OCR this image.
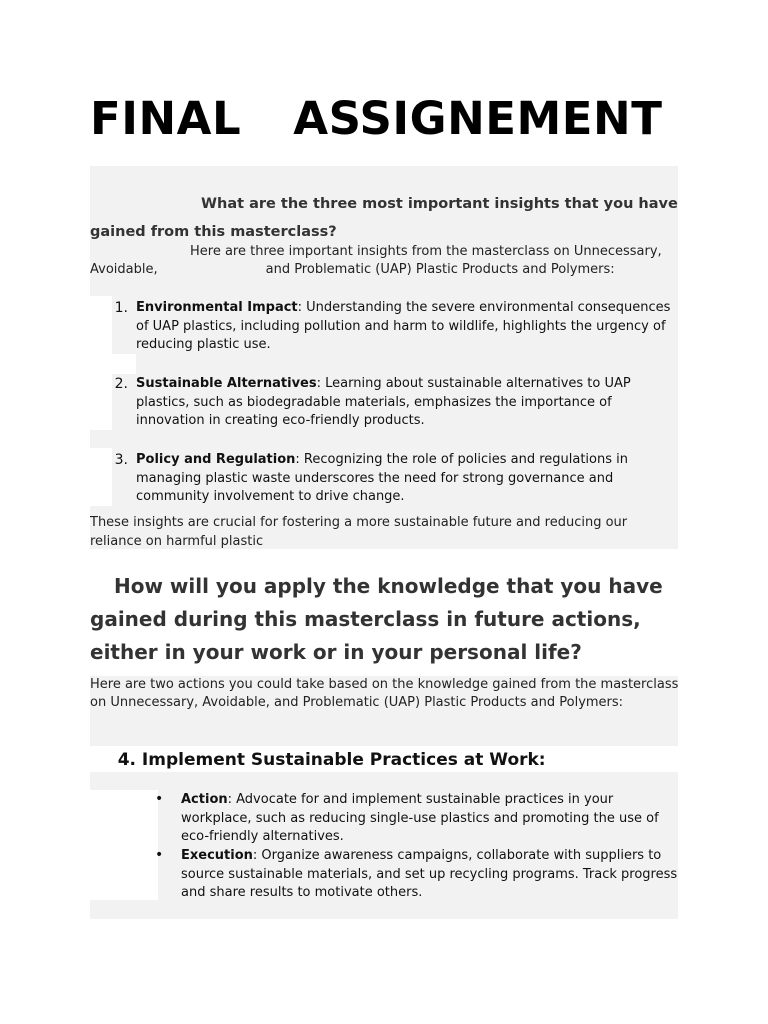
FINAL ASSIGNEMENT

What are the three most important insights that you have gained from this masterclass?

Here are three important insights from the masterclass on Unnecessary, Avoidable,	and Problematic (UAP) Plastic Products and Polymers:

1. Environmental Impact: Understanding the severe environmental consequences of UAP plastics, including pollution and harm to wildlife, highlights the urgency of reducing plastic use.
2. Sustainable Alternatives: Learning about sustainable alternatives to UAP plastics, such as biodegradable materials, emphasizes the importance of innovation in creating eco-friendly products.
3. Policy and Regulation: Recognizing the role of policies and regulations in managing plastic waste underscores the need for strong governance and community involvement to drive change.

These insights are crucial for fostering a more sustainable future and reducing our reliance on harmful plastic

How will you apply the knowledge that you have gained during this masterclass in future actions, either in your work or in your personal life?

Here are two actions you could take based on the knowledge gained from the masterclass on Unnecessary, Avoidable, and Problematic (UAP) Plastic Products and Polymers:

4. Implement Sustainable Practices at Work:
• Action: Advocate for and implement sustainable practices in your workplace, such as reducing single-use plastics and promoting the use of eco-friendly alternatives.
• Execution: Organize awareness campaigns, collaborate with suppliers to source sustainable materials, and set up recycling programs. Track progress and share results to motivate others.
